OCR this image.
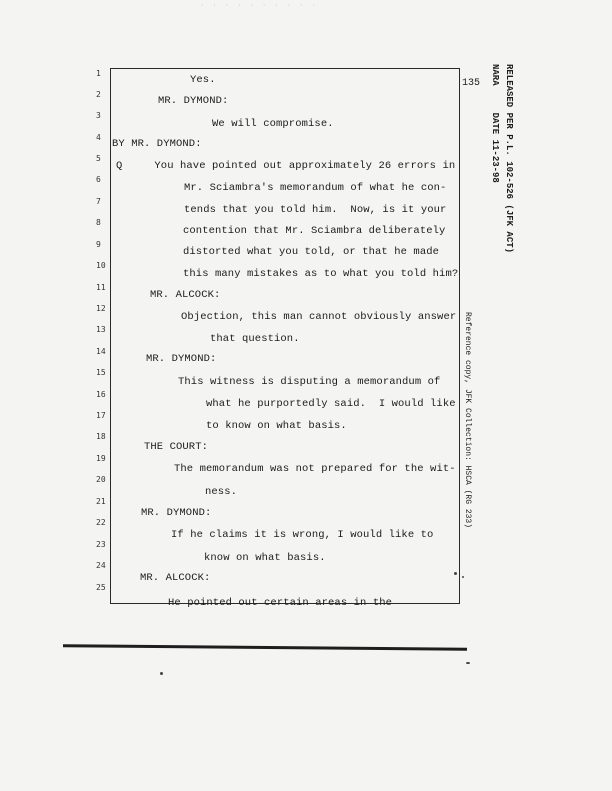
· · · · · · · · · ·
135
1
2
3
4
5
6
7
8
9
10
11
12
13
14
15
16
17
18
19
20
21
22
23
24
25
Yes.
MR. DYMOND:
We will compromise.
BY MR. DYMOND:
Q     You have pointed out approximately 26 errors in
Mr. Sciambra's memorandum of what he con-
tends that you told him.  Now, is it your
contention that Mr. Sciambra deliberately
distorted what you told, or that he made
this many mistakes as to what you told him?
MR. ALCOCK:
Objection, this man cannot obviously answer
that question.
MR. DYMOND:
This witness is disputing a memorandum of
what he purportedly said.  I would like
to know on what basis.
THE COURT:
The memorandum was not prepared for the wit-
ness.
MR. DYMOND:
If he claims it is wrong, I would like to
know on what basis.
MR. ALCOCK:
He pointed out certain areas in the
RELEASED PER P.L. 102-526 (JFK ACT)
NARA     DATE 11-23-98
Reference copy, JFK Collection: HSCA (RG 233)
